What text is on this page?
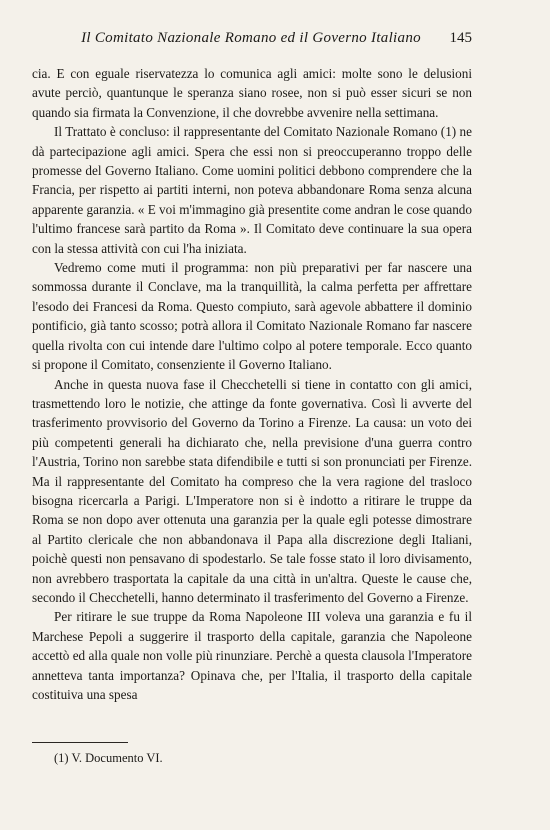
Il Comitato Nazionale Romano ed il Governo Italiano	145

cia. E con eguale riservatezza lo comunica agli amici: molte sono le delusioni avute perciò, quantunque le speranza siano rosee, non si può esser sicuri se non quando sia firmata la Convenzione, il che dovrebbe avvenire nella settimana.

Il Trattato è concluso: il rappresentante del Comitato Nazionale Romano (1) ne dà partecipazione agli amici. Spera che essi non si preoccuperanno troppo delle promesse del Governo Italiano. Come uomini politici debbono comprendere che la Francia, per rispetto ai partiti interni, non poteva abbandonare Roma senza alcuna apparente garanzia. « E voi m'immagino già presentite come andran le cose quando l'ultimo francese sarà partito da Roma ». Il Comitato deve continuare la sua opera con la stessa attività con cui l'ha iniziata.

Vedremo come muti il programma: non più preparativi per far nascere una sommossa durante il Conclave, ma la tranquillità, la calma perfetta per affrettare l'esodo dei Francesi da Roma. Questo compiuto, sarà agevole abbattere il dominio pontificio, già tanto scosso; potrà allora il Comitato Nazionale Romano far nascere quella rivolta con cui intende dare l'ultimo colpo al potere temporale. Ecco quanto si propone il Comitato, consenziente il Governo Italiano.

Anche in questa nuova fase il Checchetelli si tiene in contatto con gli amici, trasmettendo loro le notizie, che attinge da fonte governativa. Così li avverte del trasferimento provvisorio del Governo da Torino a Firenze. La causa: un voto dei più competenti generali ha dichiarato che, nella previsione d'una guerra contro l'Austria, Torino non sarebbe stata difendibile e tutti si son pronunciati per Firenze. Ma il rappresentante del Comitato ha compreso che la vera ragione del trasloco bisogna ricercarla a Parigi. L'Imperatore non si è indotto a ritirare le truppe da Roma se non dopo aver ottenuta una garanzia per la quale egli potesse dimostrare al Partito clericale che non abbandonava il Papa alla discrezione degli Italiani, poichè questi non pensavano di spodestarlo. Se tale fosse stato il loro divisamento, non avrebbero trasportata la capitale da una città in un'altra. Queste le cause che, secondo il Checchetelli, hanno determinato il trasferimento del Governo a Firenze.

Per ritirare le sue truppe da Roma Napoleone III voleva una garanzia e fu il Marchese Pepoli a suggerire il trasporto della capitale, garanzia che Napoleone accettò ed alla quale non volle più rinunziare. Perchè a questa clausola l'Imperatore annetteva tanta importanza? Opinava che, per l'Italia, il trasporto della capitale costituiva una spesa

(1) V. Documento VI.
